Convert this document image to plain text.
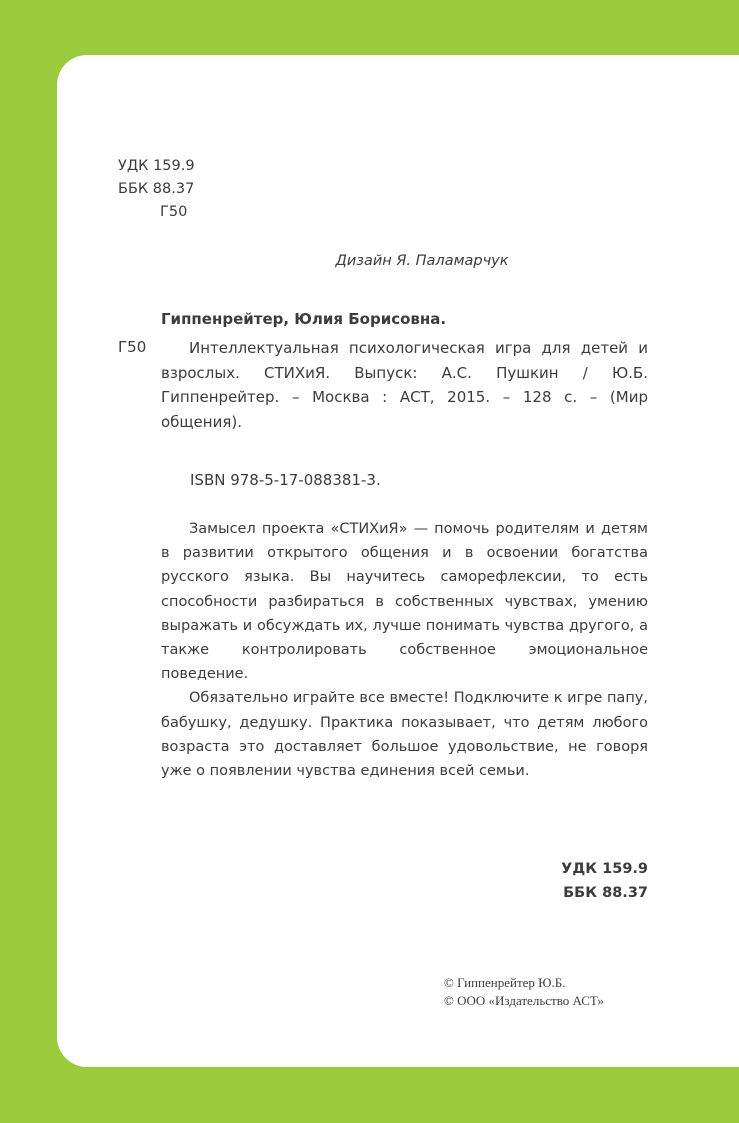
УДК 159.9
ББК 88.37
Г50
Дизайн Я. Паламарчук
Гиппенрейтер, Юлия Борисовна.
Г50	Интеллектуальная психологическая игра для детей и взрослых. СТИХиЯ. Выпуск: А.С. Пушкин / Ю.Б. Гиппенрейтер. – Москва : АСТ, 2015. – 128 с. – (Мир общения).
ISBN 978-5-17-088381-3.

Замысел проекта «СТИХиЯ» — помочь родителям и детям в развитии открытого общения и в освоении богатства русского языка. Вы научитесь саморефлексии, то есть способности разбираться в собственных чувствах, умению выражать и обсуждать их, лучше понимать чувства другого, а также контролировать собственное эмоциональное поведение.

Обязательно играйте все вместе! Подключите к игре папу, бабушку, дедушку. Практика показывает, что детям любого возраста это доставляет большое удовольствие, не говоря уже о появлении чувства единения всей семьи.

УДК 159.9
ББК 88.37
© Гиппенрейтер Ю.Б.
© ООО «Издательство АСТ»
